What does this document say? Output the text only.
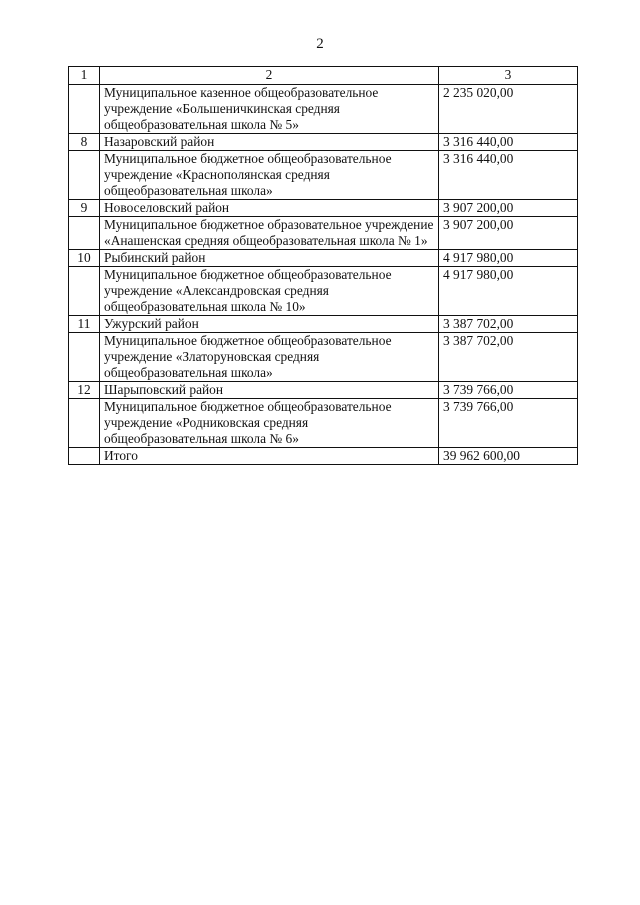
2
1	2	3
	Муниципальное казенное общеобразовательное учреждение «Большеничкинская средняя общеобразовательная школа № 5»	2 235 020,00
8	Назаровский район	3 316 440,00
	Муниципальное бюджетное общеобразовательное учреждение «Краснополянская средняя общеобразовательная школа»	3 316 440,00
9	Новоселовский район	3 907 200,00
	Муниципальное бюджетное образовательное учреждение «Анашенская средняя общеобразовательная школа № 1»	3 907 200,00
10	Рыбинский район	4 917 980,00
	Муниципальное бюджетное общеобразовательное учреждение «Александровская средняя общеобразовательная школа № 10»	4 917 980,00
11	Ужурский район	3 387 702,00
	Муниципальное бюджетное общеобразовательное учреждение «Златоруновская средняя общеобразовательная школа»	3 387 702,00
12	Шарыповский район	3 739 766,00
	Муниципальное бюджетное общеобразовательное учреждение «Родниковская средняя общеобразовательная школа № 6»	3 739 766,00
	Итого	39 962 600,00
